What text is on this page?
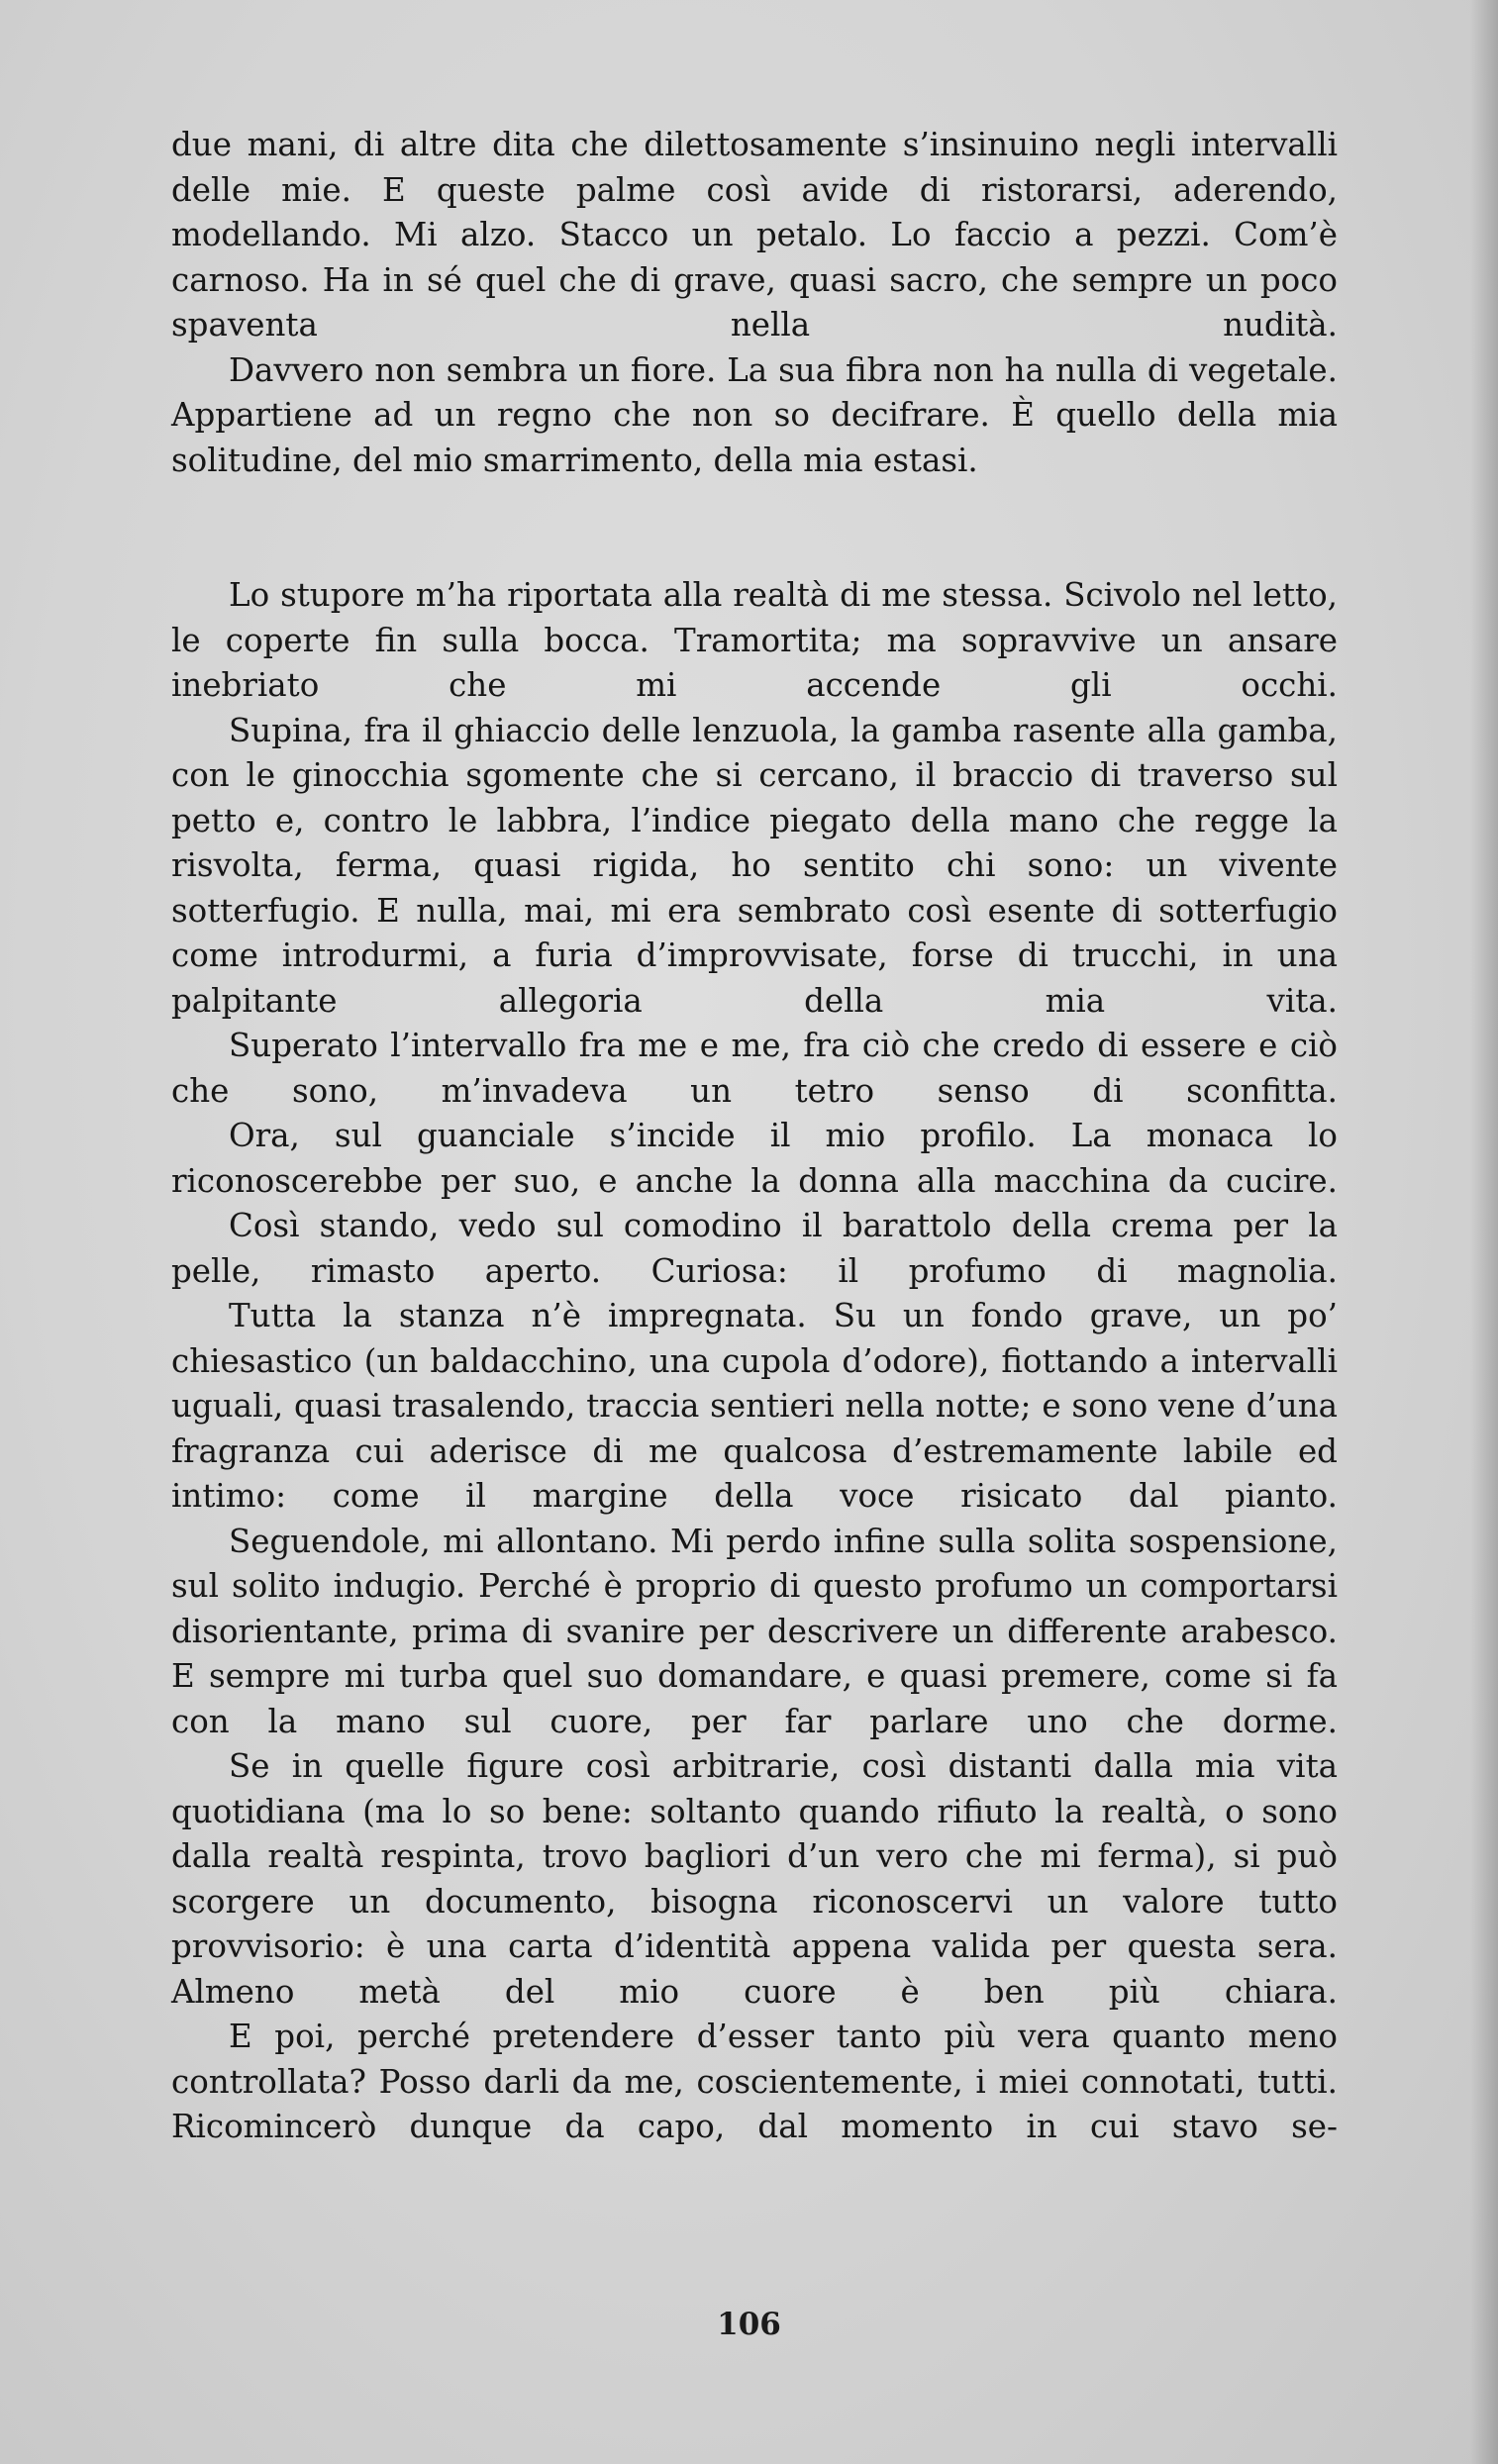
due mani, di altre dita che dilettosamente s’insinuino negli intervalli delle mie. E queste palme così avide di ristorarsi, aderendo, modellando. Mi alzo. Stacco un petalo. Lo faccio a pezzi. Com’è carnoso. Ha in sé quel che di grave, quasi sacro, che sempre un poco spaventa nella nudità.

Davvero non sembra un fiore. La sua fibra non ha nulla di vegetale. Appartiene ad un regno che non so decifrare. È quello della mia solitudine, del mio smarrimento, della mia estasi.

Lo stupore m’ha riportata alla realtà di me stessa. Scivolo nel letto, le coperte fin sulla bocca. Tramortita; ma sopravvive un ansare inebriato che mi accende gli occhi.

Supina, fra il ghiaccio delle lenzuola, la gamba rasente alla gamba, con le ginocchia sgomente che si cercano, il braccio di traverso sul petto e, contro le labbra, l’indice piegato della mano che regge la risvolta, ferma, quasi rigida, ho sentito chi sono: un vivente sotterfugio. E nulla, mai, mi era sembrato così esente di sotterfugio come introdurmi, a furia d’improvvisate, forse di trucchi, in una palpitante allegoria della mia vita.

Superato l’intervallo fra me e me, fra ciò che credo di essere e ciò che sono, m’invadeva un tetro senso di sconfitta.

Ora, sul guanciale s’incide il mio profilo. La monaca lo riconoscerebbe per suo, e anche la donna alla macchina da cucire.

Così stando, vedo sul comodino il barattolo della crema per la pelle, rimasto aperto. Curiosa: il profumo di magnolia.

Tutta la stanza n’è impregnata. Su un fondo grave, un po’ chiesastico (un baldacchino, una cupola d’odore), fiottando a intervalli uguali, quasi trasalendo, traccia sentieri nella notte; e sono vene d’una fragranza cui aderisce di me qualcosa d’estremamente labile ed intimo: come il margine della voce risicato dal pianto.

Seguendole, mi allontano. Mi perdo infine sulla solita sospensione, sul solito indugio. Perché è proprio di questo profumo un comportarsi disorientante, prima di svanire per descrivere un differente arabesco. E sempre mi turba quel suo domandare, e quasi premere, come si fa con la mano sul cuore, per far parlare uno che dorme.

Se in quelle figure così arbitrarie, così distanti dalla mia vita quotidiana (ma lo so bene: soltanto quando rifiuto la realtà, o sono dalla realtà respinta, trovo bagliori d’un vero che mi ferma), si può scorgere un documento, bisogna riconoscervi un valore tutto provvisorio: è una carta d’identità appena valida per questa sera. Almeno metà del mio cuore è ben più chiara.

E poi, perché pretendere d’esser tanto più vera quanto meno controllata? Posso darli da me, coscientemente, i miei connotati, tutti. Ricomincerò dunque da capo, dal momento in cui stavo se-

106
